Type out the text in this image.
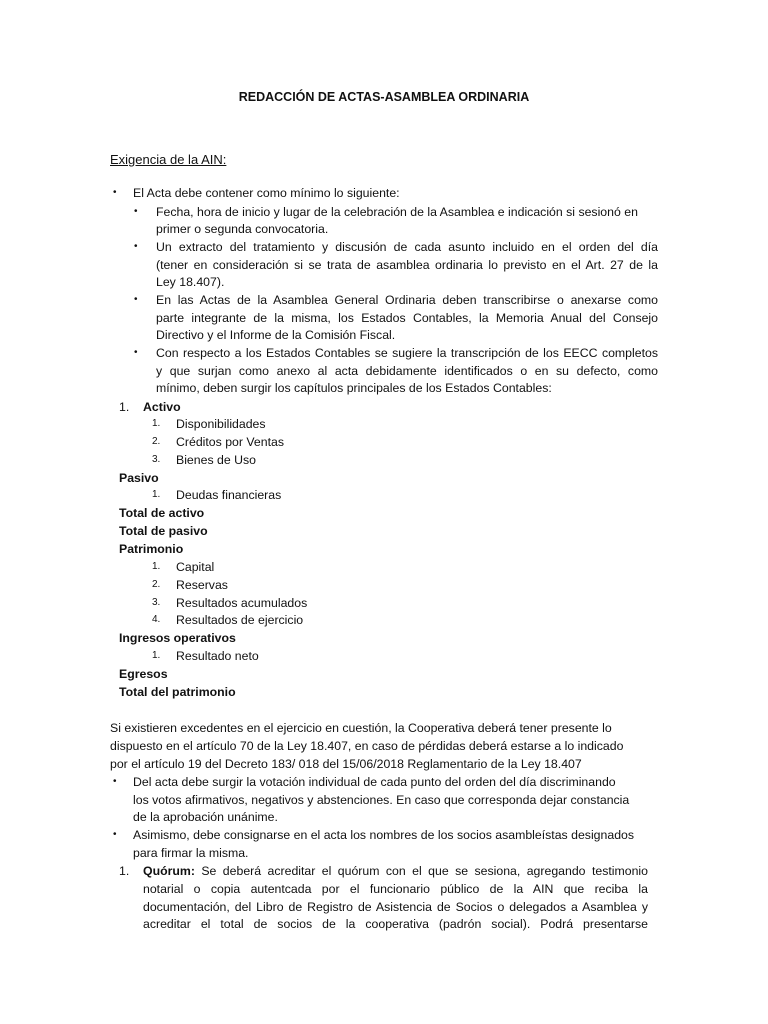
REDACCIÓN DE ACTAS-ASAMBLEA ORDINARIA
Exigencia de la AIN:
• El Acta debe contener como mínimo lo siguiente:
• Fecha, hora de inicio y lugar de la celebración de la Asamblea e indicación si sesionó en
primer o segunda convocatoria.
• Un extracto del tratamiento y discusión de cada asunto incluido en el orden del día
(tener en consideración si se trata de asamblea ordinaria lo previsto en el Art. 27 de la
Ley 18.407).
• En las Actas de la Asamblea General Ordinaria deben transcribirse o anexarse como
parte integrante de la misma, los Estados Contables, la Memoria Anual del Consejo
Directivo y el Informe de la Comisión Fiscal.
• Con respecto a los Estados Contables se sugiere la transcripción de los EECC completos
y que surjan como anexo al acta debidamente identificados o en su defecto, como
mínimo, deben surgir los capítulos principales de los Estados Contables:
1. Activo
1. Disponibilidades
2. Créditos por Ventas
3. Bienes de Uso
Pasivo
1. Deudas financieras
Total de activo
Total de pasivo
Patrimonio
1. Capital
2. Reservas
3. Resultados acumulados
4. Resultados de ejercicio
Ingresos operativos
1. Resultado neto
Egresos
Total del patrimonio
Si existieren excedentes en el ejercicio en cuestión, la Cooperativa deberá tener presente lo
dispuesto en el artículo 70 de la Ley 18.407, en caso de pérdidas deberá estarse a lo indicado
por el artículo 19 del Decreto 183/ 018 del 15/06/2018 Reglamentario de la Ley 18.407
• Del acta debe surgir la votación individual de cada punto del orden del día discriminando
los votos afirmativos, negativos y abstenciones. En caso que corresponda dejar constancia
de la aprobación unánime.
• Asimismo, debe consignarse en el acta los nombres de los socios asambleístas designados
para firmar la misma.
1. Quórum: Se deberá acreditar el quórum con el que se sesiona, agregando testimonio
notarial o copia autentcada por el funcionario público de la AIN que reciba la
documentación, del Libro de Registro de Asistencia de Socios o delegados a Asamblea y
acreditar el total de socios de la cooperativa (padrón social). Podrá presentarse
